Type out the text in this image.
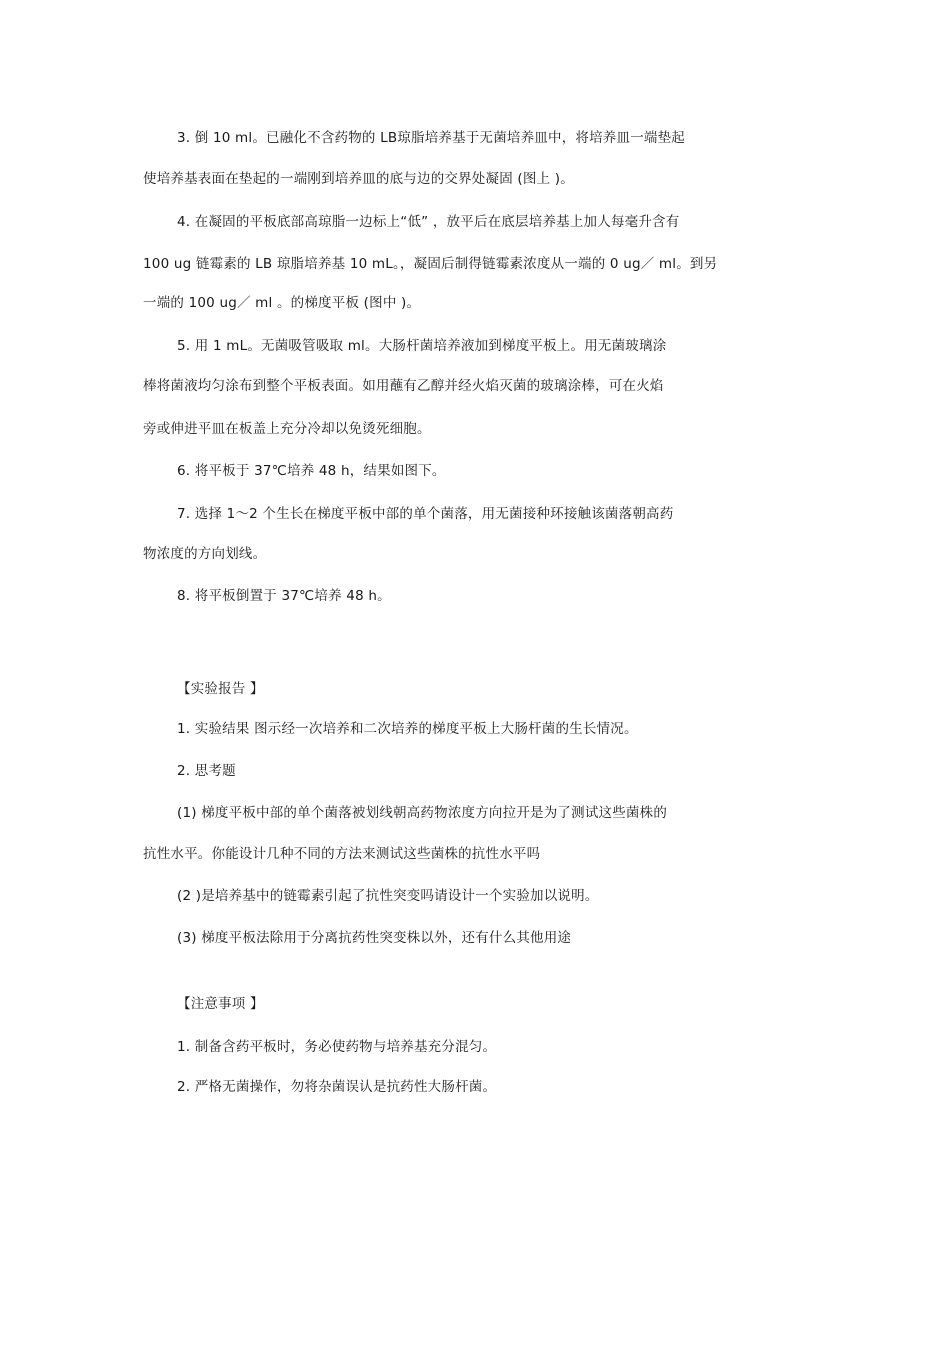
3. 倒 10 ml。已融化不含药物的 LB琼脂培养基于无菌培养皿中，将培养皿一端垫起
使培养基表面在垫起的一端刚到培养皿的底与边的交界处凝固 (图上 )。
4. 在凝固的平板底部高琼脂一边标上“低” ，放平后在底层培养基上加人每毫升含有
100 ug 链霉素的 LB 琼脂培养基 10 mL。，凝固后制得链霉素浓度从一端的 0 ug／ ml。到另
一端的 100 ug／ ml 。的梯度平板 (图中 )。
5. 用 1 mL。无菌吸管吸取 ml。大肠杆菌培养液加到梯度平板上。用无菌玻璃涂
棒将菌液均匀涂布到整个平板表面。如用蘸有乙醇并经火焰灭菌的玻璃涂棒，可在火焰
旁或伸进平皿在板盖上充分冷却以免烫死细胞。
6. 将平板于 37℃培养 48 h，结果如图下。
7. 选择 1～2 个生长在梯度平板中部的单个菌落，用无菌接种环接触该菌落朝高药
物浓度的方向划线。
8. 将平板倒置于 37℃培养 48 h。
【实验报告 】
1. 实验结果 图示经一次培养和二次培养的梯度平板上大肠杆菌的生长情况。
2. 思考题
(1) 梯度平板中部的单个菌落被划线朝高药物浓度方向拉开是为了测试这些菌株的
抗性水平。你能设计几种不同的方法来测试这些菌株的抗性水平吗
(2 )是培养基中的链霉素引起了抗性突变吗请设计一个实验加以说明。
(3) 梯度平板法除用于分离抗药性突变株以外，还有什么其他用途
【注意事项 】
1. 制备含药平板时，务必使药物与培养基充分混匀。
2. 严格无菌操作，勿将杂菌误认是抗药性大肠杆菌。
